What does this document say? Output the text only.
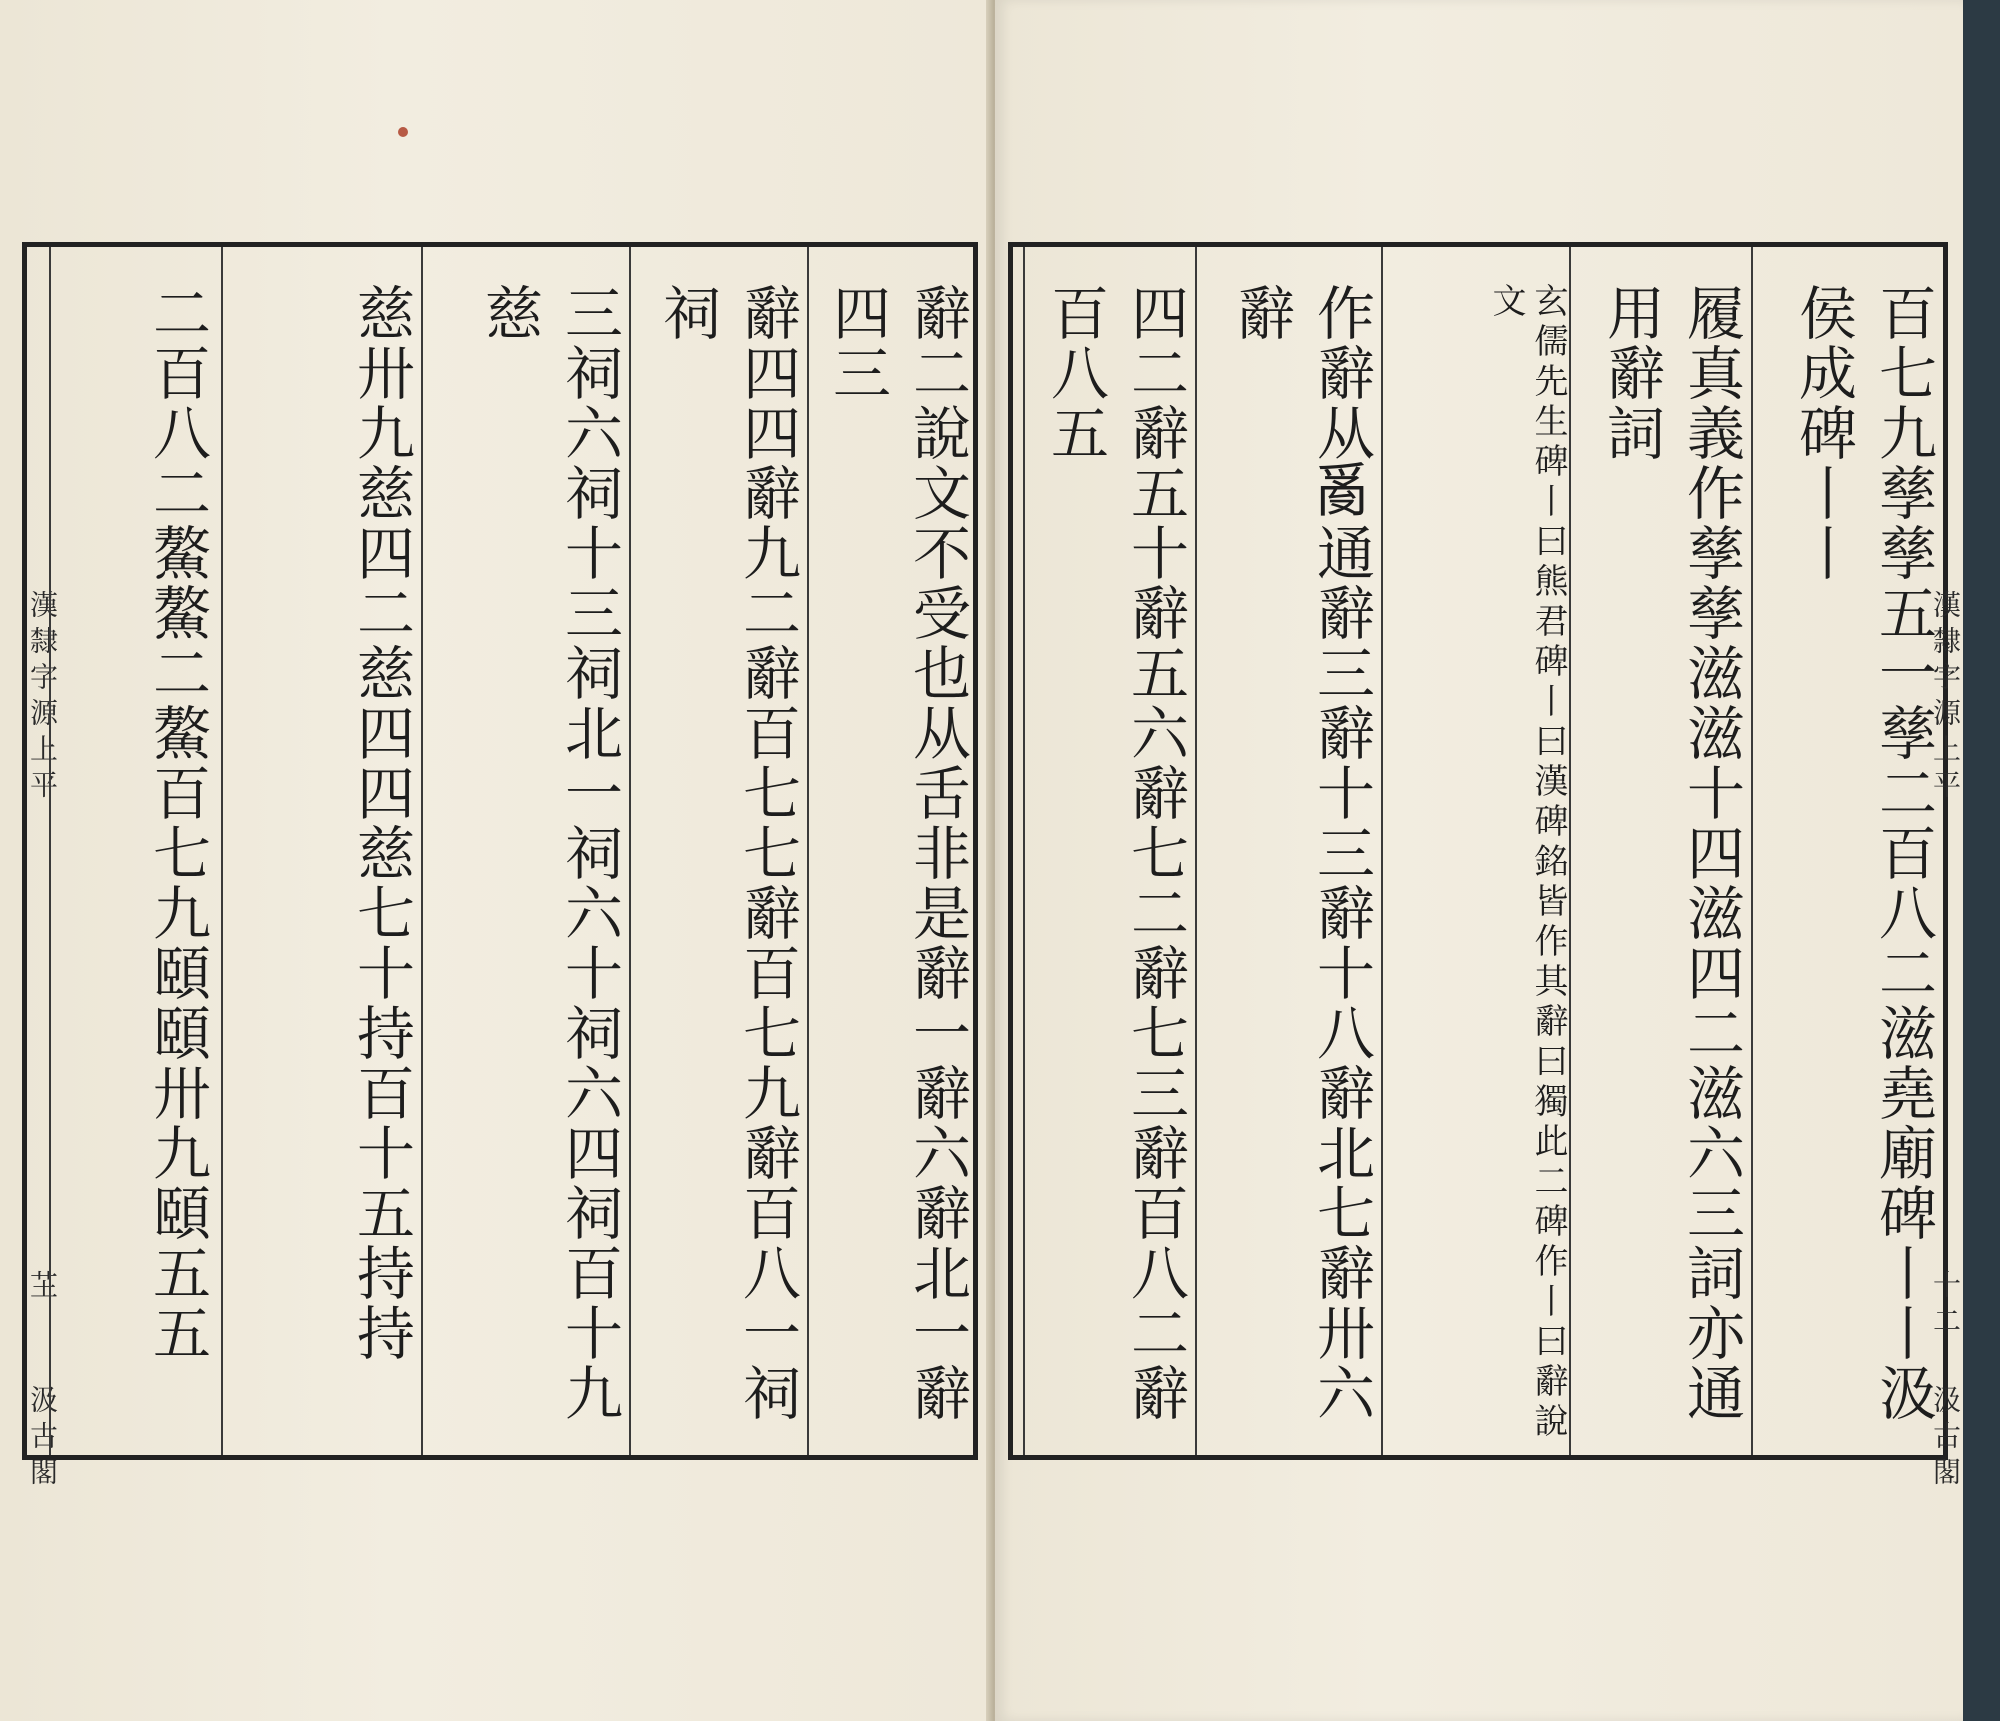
漢隸字源上平
芏
汲古閣
二百八二鰲鰲二鰲百七九頤頤卅九頤五五	慈卅九慈四二慈四四慈七十持百十五持持	三祠六祠十三祠北一祠六十祠六四祠百十九慈	辭四四辭九二辭百七七辭百七九辭百八一祠祠	辭二說文不受也从舌非是辭一辭六辭北一辭四三	四二辭五十辭五六辭七二辭七三辭百八二辭百八五	作辭从𤔔通辭三辭十三辭十八辭北七辭卅六辭	玄儒先生碑丨曰熊君碑丨曰漢碑銘皆作其辭曰獨此二碑作丨曰辭說文	履真義作孳孳滋滋十四滋四二滋六三詞亦通用辭詞	百七九孳孳五一孳二百八二滋堯廟碑丨丨汲侯成碑丨丨
漢隸字源上平
十二
汲古閣
